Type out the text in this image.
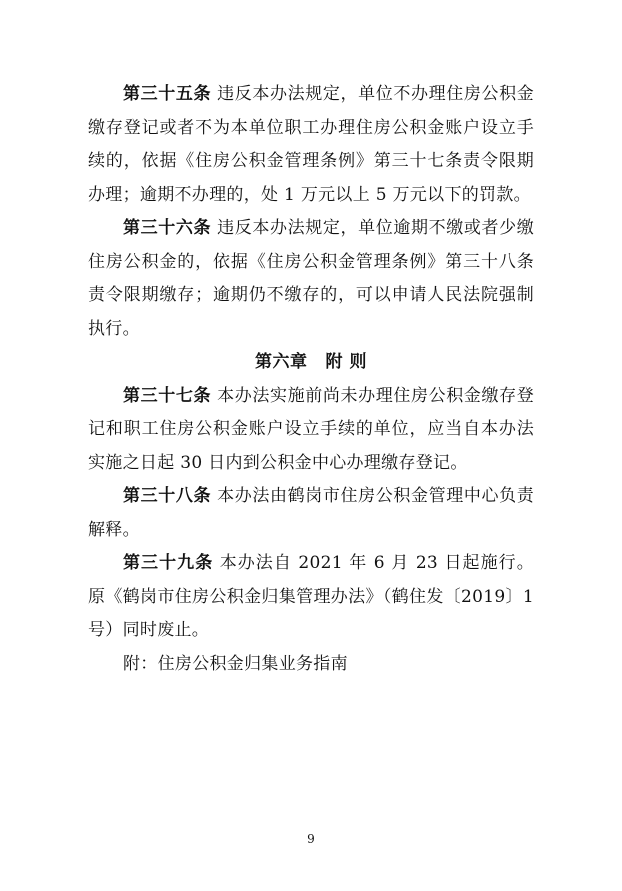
第三十五条 违反本办法规定，单位不办理住房公积金缴存登记或者不为本单位职工办理住房公积金账户设立手续的，依据《住房公积金管理条例》第三十七条责令限期办理；逾期不办理的，处 1 万元以上 5 万元以下的罚款。

第三十六条 违反本办法规定，单位逾期不缴或者少缴住房公积金的，依据《住房公积金管理条例》第三十八条责令限期缴存；逾期仍不缴存的，可以申请人民法院强制执行。

第六章 附 则

第三十七条 本办法实施前尚未办理住房公积金缴存登记和职工住房公积金账户设立手续的单位，应当自本办法实施之日起 30 日内到公积金中心办理缴存登记。

第三十八条 本办法由鹤岗市住房公积金管理中心负责解释。

第三十九条 本办法自 2021 年 6 月 23 日起施行。原《鹤岗市住房公积金归集管理办法》（鹤住发〔2019〕1 号）同时废止。

附：住房公积金归集业务指南

9
